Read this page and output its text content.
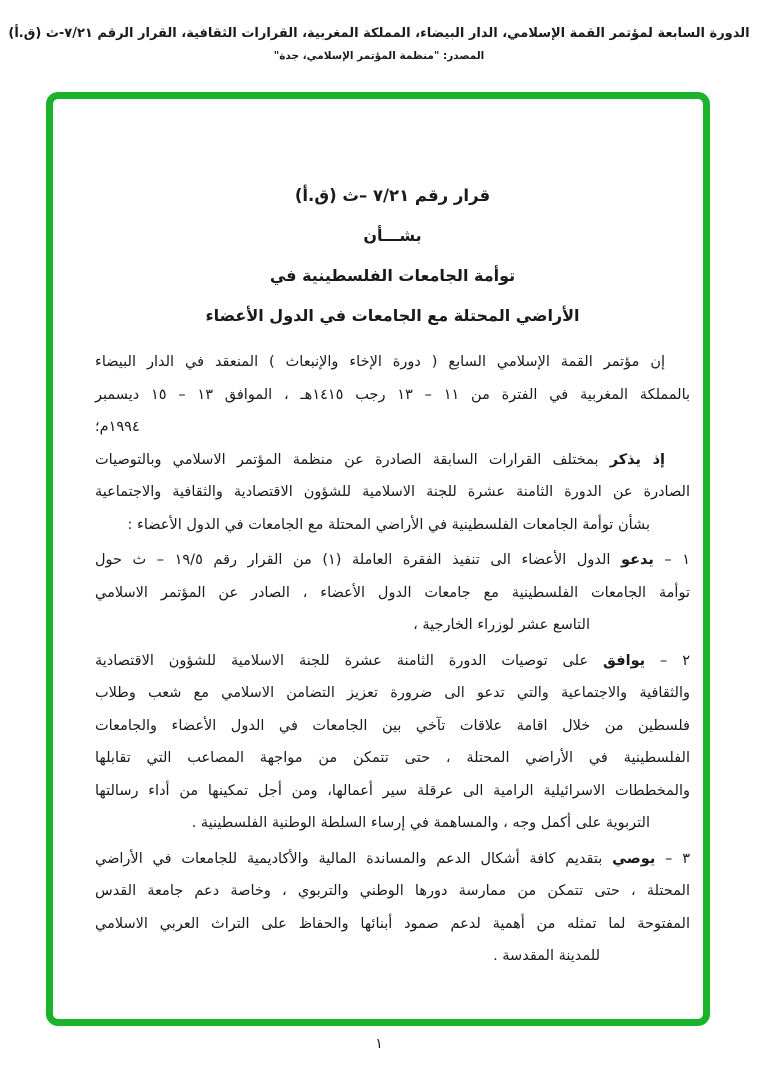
الدورة السابعة لمؤتمر القمة الإسلامي، الدار البيضاء، المملكة المغربية، القرارات الثقافية، القرار الرقم ٧/٢١-ث (ق.أ)
المصدر: "منظمة المؤتمر الإسلامي، جدة"
قرار رقم ٧/٢١ –ث (ق.أ)
بشـــأن
توأمة الجامعات الفلسطينية في
الأراضي المحتلة مع الجامعات في الدول الأعضاء
إن مؤتمر القمة الإسلامي السابع ( دورة الإخاء والإنبعاث ) المنعقد في الدار البيضاء
بالمملكة المغربية في الفترة من ١١ – ١٣ رجب ١٤١٥هـ ، الموافق ١٣ – ١٥ ديسمبر
١٩٩٤م؛
إذ يذكر بمختلف القرارات السابقة الصادرة عن منظمة المؤتمر الاسلامي وبالتوصيات
الصادرة عن الدورة الثامنة عشرة للجنة الاسلامية للشؤون الاقتصادية والثقافية والاجتماعية
بشأن توأمة الجامعات الفلسطينية في الأراضي المحتلة مع الجامعات في الدول الأعضاء :
١ – يدعو الدول الأعضاء الى تنفيذ الفقرة العاملة (١) من القرار رقم ١٩/٥ – ث حول
توأمة الجامعات الفلسطينية مع جامعات الدول الأعضاء ، الصادر عن المؤتمر الاسلامي
التاسع عشر لوزراء الخارجية ،
٢ – يوافق على توصيات الدورة الثامنة عشرة للجنة الاسلامية للشؤون الاقتصادية
والثقافية والاجتماعية والتي تدعو الى ضرورة تعزيز التضامن الاسلامي مع شعب وطلاب
فلسطين من خلال اقامة علاقات تآخي بين الجامعات في الدول الأعضاء والجامعات
الفلسطينية في الأراضي المحتلة ، حتى تتمكن من مواجهة المصاعب التي تقابلها
والمخططات الاسرائيلية الرامية الى عرقلة سير أعمالها، ومن أجل تمكينها من أداء رسالتها
التربوية على أكمل وجه ، والمساهمة في إرساء السلطة الوطنية الفلسطينية .
٣ – يوصي بتقديم كافة أشكال الدعم والمساندة المالية والأكاديمية للجامعات في الأراضي
المحتلة ، حتى تتمكن من ممارسة دورها الوطني والتربوي ، وخاصة دعم جامعة القدس
المفتوحة لما تمثله من أهمية لدعم صمود أبنائها والحفاظ على التراث العربي الاسلامي
للمدينة المقدسة .
١
